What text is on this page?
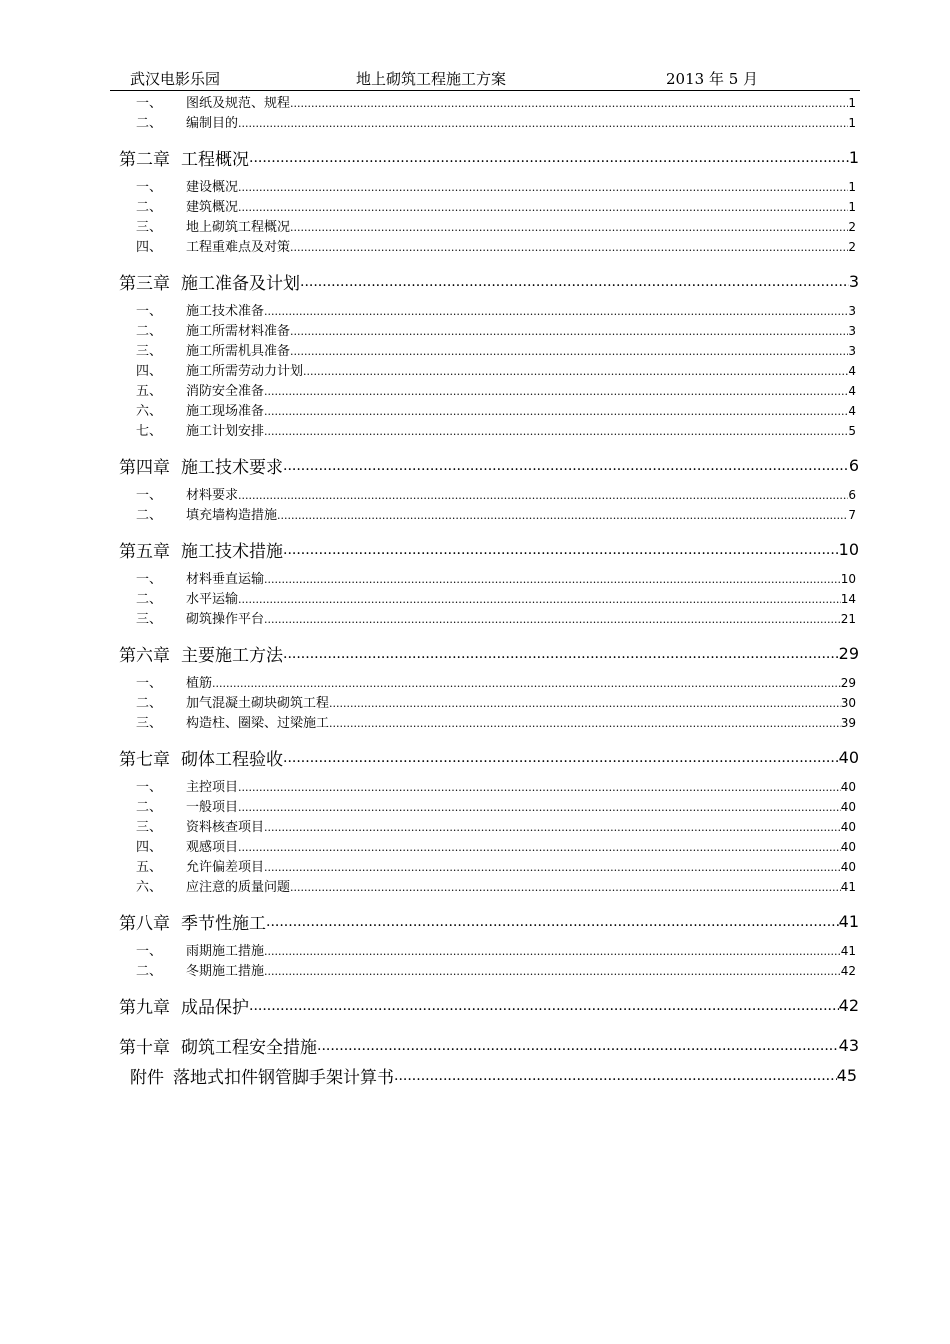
武汉电影乐园	地上砌筑工程施工方案	2013 年 5 月
一、	图纸及规范、规程 .....	1
二、	编制目的 .....	1
第二章 工程概况 .....	1
一、	建设概况 .....	1
二、	建筑概况 .....	1
三、	地上砌筑工程概况 .....	2
四、	工程重难点及对策 .....	2
第三章 施工准备及计划 .....	3
一、	施工技术准备 .....	3
二、	施工所需材料准备 .....	3
三、	施工所需机具准备 .....	3
四、	施工所需劳动力计划 .....	4
五、	消防安全准备 .....	4
六、	施工现场准备 .....	4
七、	施工计划安排 .....	5
第四章 施工技术要求 .....	6
一、	材料要求 .....	6
二、	填充墙构造措施 .....	7
第五章 施工技术措施 .....	10
一、	材料垂直运输 .....	10
二、	水平运输 .....	14
三、	砌筑操作平台 .....	21
第六章 主要施工方法 .....	29
一、	植筋 .....	29
二、	加气混凝土砌块砌筑工程 .....	30
三、	构造柱、圈梁、过梁施工 .....	39
第七章 砌体工程验收 .....	40
一、	主控项目 .....	40
二、	一般项目 .....	40
三、	资料核查项目 .....	40
四、	观感项目 .....	40
五、	允许偏差项目 .....	40
六、	应注意的质量问题 .....	41
第八章 季节性施工 .....	41
一、	雨期施工措施 .....	41
二、	冬期施工措施 .....	42
第九章 成品保护 .....	42
第十章 砌筑工程安全措施 .....	43
附件 落地式扣件钢管脚手架计算书 .....	45
